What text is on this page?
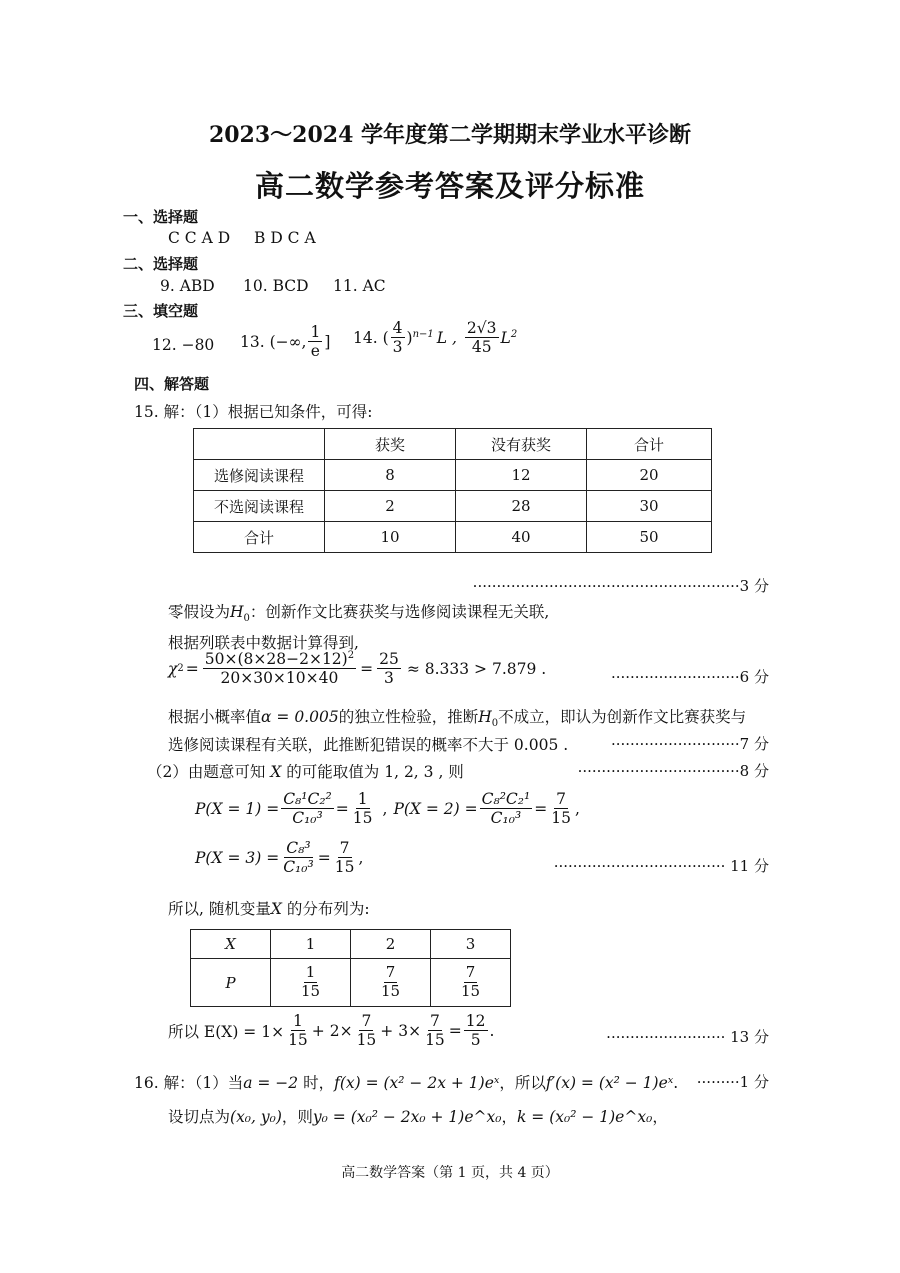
2023～2024 学年度第二学期期末学业水平诊断
高二数学参考答案及评分标准
一、选择题
C C A D B D C A
二、选择题
9. ABD 10. BCD 11. AC
三、填空题
12. −80 13. (−∞, $\frac{1}{e}$ ] 14. ( $\frac{4}{3} )^{n-1}$ L , $\frac{2√3}{45} L^2$
四、解答题
15. 解：（1）根据已知条件，可得:
	获奖	没有获奖	合计
选修阅读课程	8	12	20
不选阅读课程	2	28	30
合计	10	40	50
························································3 分
零假设为$H_0$：创新作文比赛获奖与选修阅读课程无关联,
根据列联表中数据计算得到,
χ $2 = \frac{50\times(8\times 28-2\times 12)^2}{20\times 30\times 10\times 40} = \frac{25}{3} \approx 8.333 > 7.879$ .	···························6 分
根据小概率值α = 0.005的独立性检验，推断$H_0$不成立，即认为创新作文比赛获奖与
选修阅读课程有关联，此推断犯错误的概率不大于 0.005 .	···························7 分
（2）由题意可知 X 的可能取值为 1, 2, 3 , 则	··································8 分
$P(X = 1) = \frac{\text{C₈¹C₂²}}{\text{C₁₀³}} = \frac{1}{15}$ , $P(X = 2) = \frac{\text{C₈²C₂¹}}{\text{C₁₀³}} = \frac{7}{15}$ ,
$P(X = 3) = \frac{\text{C₈³}}{\text{C₁₀³}} = \frac{7}{15}$ ,	···································· 11 分
所以, 随机变量X 的分布列为:
X	1	2	3
P	$\frac{1}{15}$	$\frac{7}{15}$	$\frac{7}{15}$
所以 $E(X) = 1\times \frac{1}{15} + 2\times \frac{7}{15} + 3\times \frac{7}{15} = \frac{12}{5}$ .	························· 13 分
16. 解：（1）当a = −2 时，f(x) = (x² − 2x + 1)eˣ，所以f′(x) = (x² − 1)eˣ. ·········1 分
设切点为(x₀, y₀)，则y₀ = (x₀² − 2x₀ + 1)e^x₀，k = (x₀² − 1)e^x₀，
高二数学答案（第 1 页，共 4 页）
